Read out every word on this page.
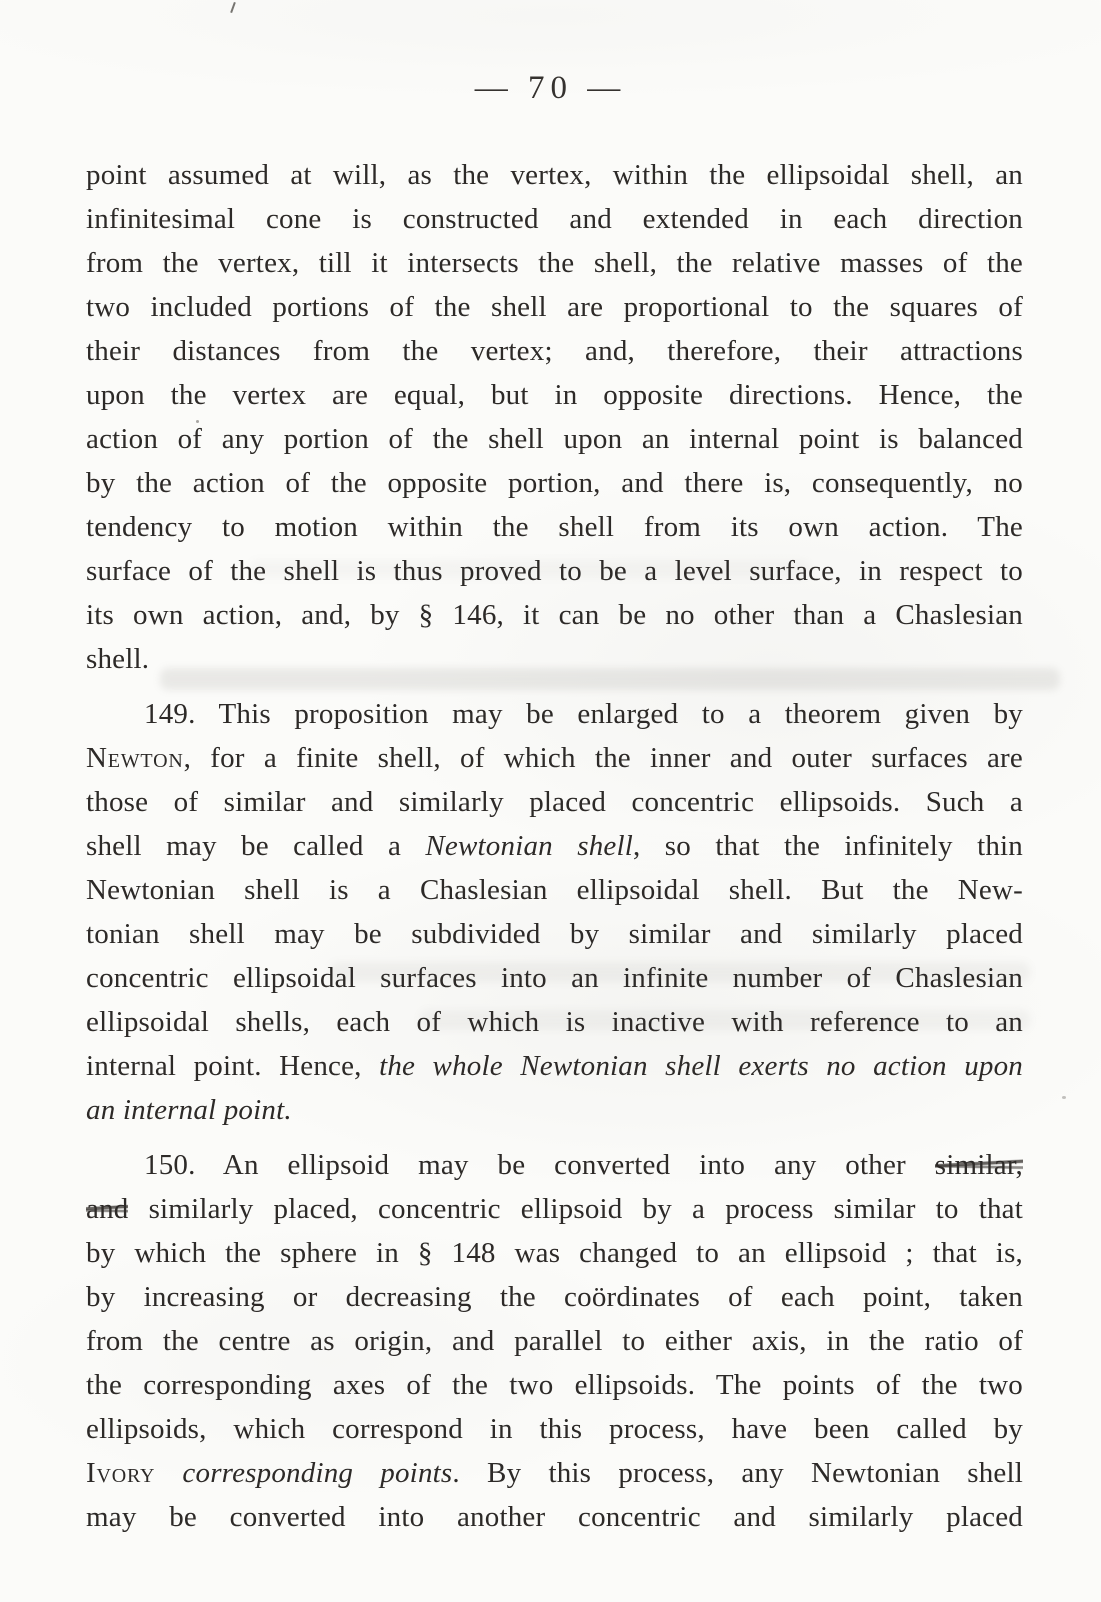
— 70 —
point assumed at will, as the vertex, within the ellipsoidal shell, an
infinitesimal cone is constructed and extended in each direction
from the vertex, till it intersects the shell, the relative masses of the
two included portions of the shell are proportional to the squares of
their distances from the vertex; and, therefore, their attractions
upon the vertex are equal, but in opposite directions. Hence, the
action of any portion of the shell upon an internal point is balanced
by the action of the opposite portion, and there is, consequently, no
tendency to motion within the shell from its own action. The
surface of the shell is thus proved to be a level surface, in respect to
its own action, and, by § 146, it can be no other than a Chaslesian
shell.
149. This proposition may be enlarged to a theorem given by
Newton, for a finite shell, of which the inner and outer surfaces are
those of similar and similarly placed concentric ellipsoids. Such a
shell may be called a Newtonian shell, so that the infinitely thin
Newtonian shell is a Chaslesian ellipsoidal shell. But the New-
tonian shell may be subdivided by similar and similarly placed
concentric ellipsoidal surfaces into an infinite number of Chaslesian
ellipsoidal shells, each of which is inactive with reference to an
internal point. Hence, the whole Newtonian shell exerts no action upon
an internal point.
150. An ellipsoid may be converted into any other similar,
and similarly placed, concentric ellipsoid by a process similar to that
by which the sphere in § 148 was changed to an ellipsoid ; that is,
by increasing or decreasing the coördinates of each point, taken
from the centre as origin, and parallel to either axis, in the ratio of
the corresponding axes of the two ellipsoids. The points of the two
ellipsoids, which correspond in this process, have been called by
Ivory corresponding points. By this process, any Newtonian shell
may be converted into another concentric and similarly placed
